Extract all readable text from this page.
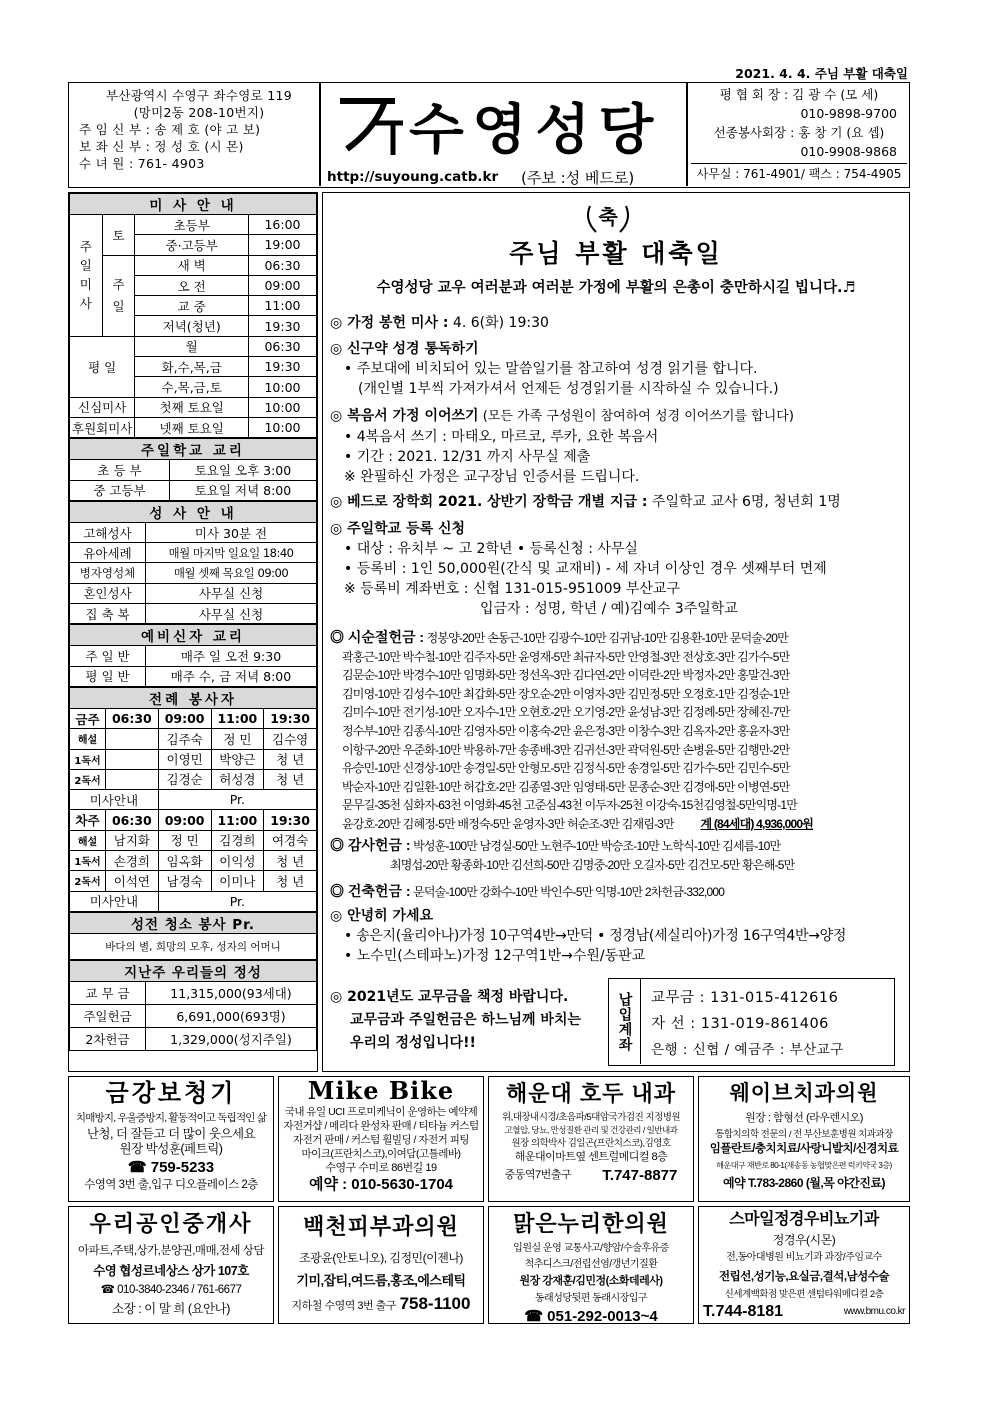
2021. 4. 4. 주님 부활 대축일
부산광역시 수영구 좌수영로 119
(망미2동 208-10번지)
주 임 신 부 : 송 제 호 (야 고 보)
보 좌 신 부 : 정 성 호 (시 몬)
수 녀 원 : 761- 4903
수영성당
http://suyoung.catb.kr (주보 :성 베드로)
평 협 회 장 : 김 광 수 (모 세)
010-9898-9700
선종봉사회장 : 홍 창 기 (요 셉)
010-9908-9868
사무실 : 761-4901/ 팩스 : 754-4905
미 사 안 내			

주
일
미
사	토	초등부	16:00
		중·고등부	19:00

	주
일	새 벽	06:30
		오 전	09:00
		교 중	11:00
		저녁(청년)	19:30
평 일		월	06:30
		화,수,목,금	19:30
		수,목,금,토	10:00
신심미사		첫째 토요일	10:00
후원회미사		넷째 토요일	10:00
주일학교 교리	
초 등 부	토요일 오후 3:00
중 고등부	토요일 저녁 8:00
성 사 안 내	
고해성사	미사 30분 전
유아세례	매월 마지막 일요일 18:40
병자영성체	매월 셋째 목요일 09:00
혼인성사	사무실 신청
집 축 복	사무실 신청
예비신자 교리	
주 일 반	매주 일 오전 9:30
평 일 반	매주 수, 금 저녁 8:00
전례 봉사자				
금주	06:30	09:00	11:00	19:30
해설		김주숙	정 민	김수영
1독서		이영민	박양근	청 년
2독서		김경순	허성경	청 년
미사안내		Pr.		
차주	06:30	09:00	11:00	19:30
해설	남지화	정 민	김경희	여경숙
1독서	손경희	임옥화	이익성	청 년
2독서	이석연	남경숙	이미나	청 년
미사안내		Pr.		
성전 청소 봉사 Pr.
바다의 별, 희망의 모후, 성자의 어머니
지난주 우리들의 정성	
교 무 금	11,315,000(93세대)
주일헌금	6,691,000(693명)
2차헌금	1,329,000(성지주일)
축
주님 부활 대축일
수영성당 교우 여러분과 여러분 가정에 부활의 은총이 충만하시길 빕니다.♬
◎ 가정 봉헌 미사 : 4. 6(화) 19:30
◎ 신구약 성경 통독하기
• 주보대에 비치되어 있는 말씀일기를 참고하여 성경 읽기를 합니다.
(개인별 1부씩 가져가셔서 언제든 성경읽기를 시작하실 수 있습니다.)
◎ 복음서 가정 이어쓰기 (모든 가족 구성원이 참여하여 성경 이어쓰기를 합니다)
• 4복음서 쓰기 : 마태오, 마르코, 루카, 요한 복음서
• 기간 : 2021. 12/31 까지 사무실 제출
※ 완필하신 가정은 교구장님 인증서를 드립니다.
◎ 베드로 장학회 2021. 상반기 장학금 개별 지급 : 주일학교 교사 6명, 청년회 1명
◎ 주일학교 등록 신청
• 대상 : 유치부 ~ 고 2학년 • 등록신청 : 사무실
• 등록비 : 1인 50,000원(간식 및 교재비) - 세 자녀 이상인 경우 셋째부터 면제
※ 등록비 계좌번호 : 신협 131-015-951009 부산교구
입금자 : 성명, 학년 / 예)김예수 3주일학교
◎ 시순절헌금 : 정봉양-20만 손동근-10만 김광수-10만 김귀남-10만 김용환-10만 문덕술-20만
곽홍근-10만 박수철-10만 김주자-5만 윤영재-5만 최규자-5만 안영철-3만 전상호-3만 김가수-5만
김문순-10만 박경수-10만 임명화-5만 정선옥-3만 김다연-2만 이덕란-2만 박정자-2만 홍말건-3만
김미영-10만 김성수-10만 최갑화-5만 장오순-2만 이영자-3만 김민정-5만 오정호-1만 김정순-1만
김미수-10만 전기성-10만 오자수-1만 오현호-2만 오기영-2만 윤성남-3만 김정례-5만 장혜진-7만
정수부-10만 김종식-10만 김영자-5만 이홍숙-2만 윤은정-3만 이창수-3만 김옥자-2만 홍윤자-3만
이항구-20만 우준화-10만 박용하-7만 송종배-3만 김귀선-3만 곽덕원-5만 손병윤-5만 김행만-2만
유승민-10만 신경상-10만 송경일-5만 안형모-5만 김정식-5만 송경일-5만 김가수-5만 김민수-5만
박순자-10만 김일환-10만 허갑호-2만 김종열-3만 임영태-5만 문종순-3만 김경애-5만 이병연-5만
문무길-35천 심화자-63천 이영화-45천 고준심-43천 이두자-25천 이강숙-15천김영철-5만익명-1만
윤강호-20만 김혜정-5만 배정숙-5만 윤영자-3만 허순조-3만 김재림-3만 계 (84세대) 4,936,000원
◎ 감사헌금 : 박성훈-100만 남경실-50만 노현주-10만 박승조-10만 노학식-10만 김세름-10만
최명섭-20만 황종화-10만 김선희-50만 김명중-20만 오길자-5만 김건모-5만 황은해-5만
◎ 건축헌금 : 문덕술-100만 강화수-10만 박인수-5만 익명-10만 2차헌금-332,000
◎ 안녕히 가세요
• 송은지(율리아나)가정 10구역4반→만덕 • 정경남(세실리아)가정 16구역4반→양정
• 노수민(스테파노)가정 12구역1반→수원/동판교
◎ 2021년도 교무금을 책정 바랍니다.
교무금과 주일헌금은 하느님께 바치는
우리의 정성입니다!!	납입계좌 교무금 : 131-015-412616
자 선 : 131-019-861406
은행 : 신협 / 예금주 : 부산교구
금강보청기
치매방지, 우울증방지, 활동적이고 독립적인 삶
난청, 더 잘듣고 더 많이 웃으세요
원장 박성훈(페트릭)
☎ 759-5233
수영역 3번 출,입구 디오플레이스 2층
Mike Bike
국내 유일 UCI 프로미케닉이 운영하는 예약제
자전거샵 / 메리다 완성차 판매 / 티타늄 커스텀
자전거 판매 / 커스텀 휠빌딩 / 자전거 피팅
마이크(프란치스코),이여담(고틀레바)
수영구 수미로 86번길 19
예약 : 010-5630-1704
해운대 호두 내과
위,대장내시경/초음파/5대암국가검진 지정병원
고혈압, 당뇨, 만성질환 관리 및 건강관리 / 일반내과
원장 의학박사 김일곤(프란치스코),김영호
해운대이마트옆 센트럴메디컬 8층
중동역7번출구 T.747-8877
웨이브치과의원
원장 : 함형선 (라우렌시오)
통합치의학 전문의 / 전 부산보훈병원 치과과장
임플란트/충치치료/사랑니발치/신경치료
해운대구 재반로 80-1(재송동 농협맞은편 럭키약국 3층)
예약 T.783-2860 (월,목 야간진료)
우리공인중개사
아파트,주택,상가,분양권,매매,전세 상담
수영 협성르네상스 상가 107호
☎ 010-3840-2346 / 761-6677
소장 : 이 말 희 (요안나)
백천피부과의원
조광윤(안토니오), 김정민(이젠나)
기미,잡티,여드름,홍조,에스테틱
지하철 수영역 3번 출구 758-1100
맑은누리한의원
입원실 운영 교통사고/향암/수술후유증
척추디스크/전립선염/갱년기질환
원장 강재훈/김민정(소화데레사)
동래성당뒷편 동래시장입구
☎ 051-292-0013~4
스마일정경우비뇨기과
정경우(시몬)
전,동아대병원 비뇨기과 과장/주임교수
전립선,성기능,요실금,결석,남성수술
신세계백화점 맞은편 센텀타워메디컬 2층
T.744-8181	www.bmu.co.kr
